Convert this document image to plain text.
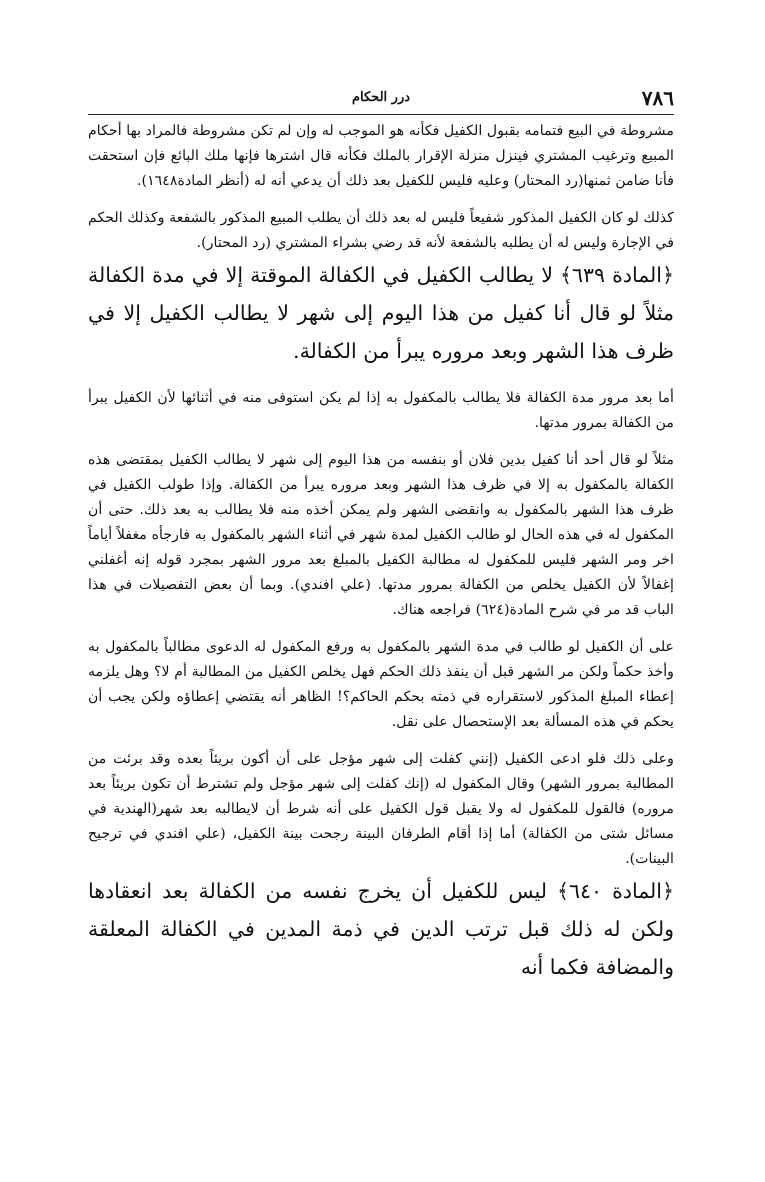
٧٨٦
درر الحكام

مشروطة في البيع فتمامه بقبول الكفيل فكأنه هو الموجب له وإن لم تكن مشروطة فالمراد بها أحكام المبيع وترغيب المشتري فينزل منزلة الإقرار بالملك فكأنه قال اشترها فإنها ملك البائع فإن استحقت فأنا ضامن ثمنها(رد المحتار) وعليه فليس للكفيل بعد ذلك أن يدعي أنه له (أنظر المادة١٦٤٨).

كذلك لو كان الكفيل المذكور شفيعاً فليس له بعد ذلك أن يطلب المبيع المذكور بالشفعة وكذلك الحكم في الإجارة وليس له أن يطلبه بالشفعة لأنه قد رضي بشراء المشتري (رد المحتار).

﴿المادة ٦٣٩﴾ لا يطالب الكفيل في الكفالة الموقتة إلا في مدة الكفالة مثلاً لو قال أنا كفيل من هذا اليوم إلى شهر لا يطالب الكفيل إلا في ظرف هذا الشهر وبعد مروره يبرأ من الكفالة.

أما بعد مرور مدة الكفالة فلا يطالب بالمكفول به إذا لم يكن استوفى منه في أثنائها لأن الكفيل يبرأ من الكفالة بمرور مدتها.

مثلاً لو قال أحد أنا كفيل بدين فلان أو بنفسه من هذا اليوم إلى شهر لا يطالب الكفيل بمقتضى هذه الكفالة بالمكفول به إلا في ظرف هذا الشهر وبعد مروره يبرأ من الكفالة. وإذا طولب الكفيل في ظرف هذا الشهر بالمكفول به وانقضى الشهر ولم يمكن أخذه منه فلا يطالب به بعد ذلك. حتى أن المكفول له في هذه الحال لو طالب الكفيل لمدة شهر في أثناء الشهر بالمكفول به فارجأه مغفلاً أياماً اخر ومر الشهر فليس للمكفول له مطالبة الكفيل بالمبلغ بعد مرور الشهر بمجرد قوله إنه أغفلني إغفالاً لأن الكفيل يخلص من الكفالة بمرور مدتها. (علي افندي). وبما أن بعض التفصيلات في هذا الباب قد مر في شرح المادة(٦٢٤) فراجعه هناك.

على أن الكفيل لو طالب في مدة الشهر بالمكفول به ورفع المكفول له الدعوى مطالباً بالمكفول به وأخذ حكماً ولكن مر الشهر قبل أن ينفذ ذلك الحكم فهل يخلص الكفيل من المطالبة أم لا؟ وهل يلزمه إعطاء المبلغ المذكور لاستقراره في ذمته بحكم الحاكم؟! الظاهر أنه يقتضي إعطاؤه ولكن يجب أن يحكم في هذه المسألة بعد الإستحصال على نقل.

وعلى ذلك فلو ادعى الكفيل (إنني كفلت إلى شهر مؤجل على أن أكون بريئاً بعده وقد برئت من المطالبة بمرور الشهر) وقال المكفول له (إنك كفلت إلى شهر مؤجل ولم تشترط أن تكون بريئاً بعد مروره) فالقول للمكفول له ولا يقبل قول الكفيل على أنه شرط أن لايطالبه بعد شهر(الهندية في مسائل شتى من الكفالة) أما إذا أقام الطرفان البينة رجحت بينة الكفيل، (علي افندي في ترجيح البينات).

﴿المادة ٦٤٠﴾ ليس للكفيل أن يخرج نفسه من الكفالة بعد انعقادها ولكن له ذلك قبل ترتب الدين في ذمة المدين في الكفالة المعلقة والمضافة فكما أنه
